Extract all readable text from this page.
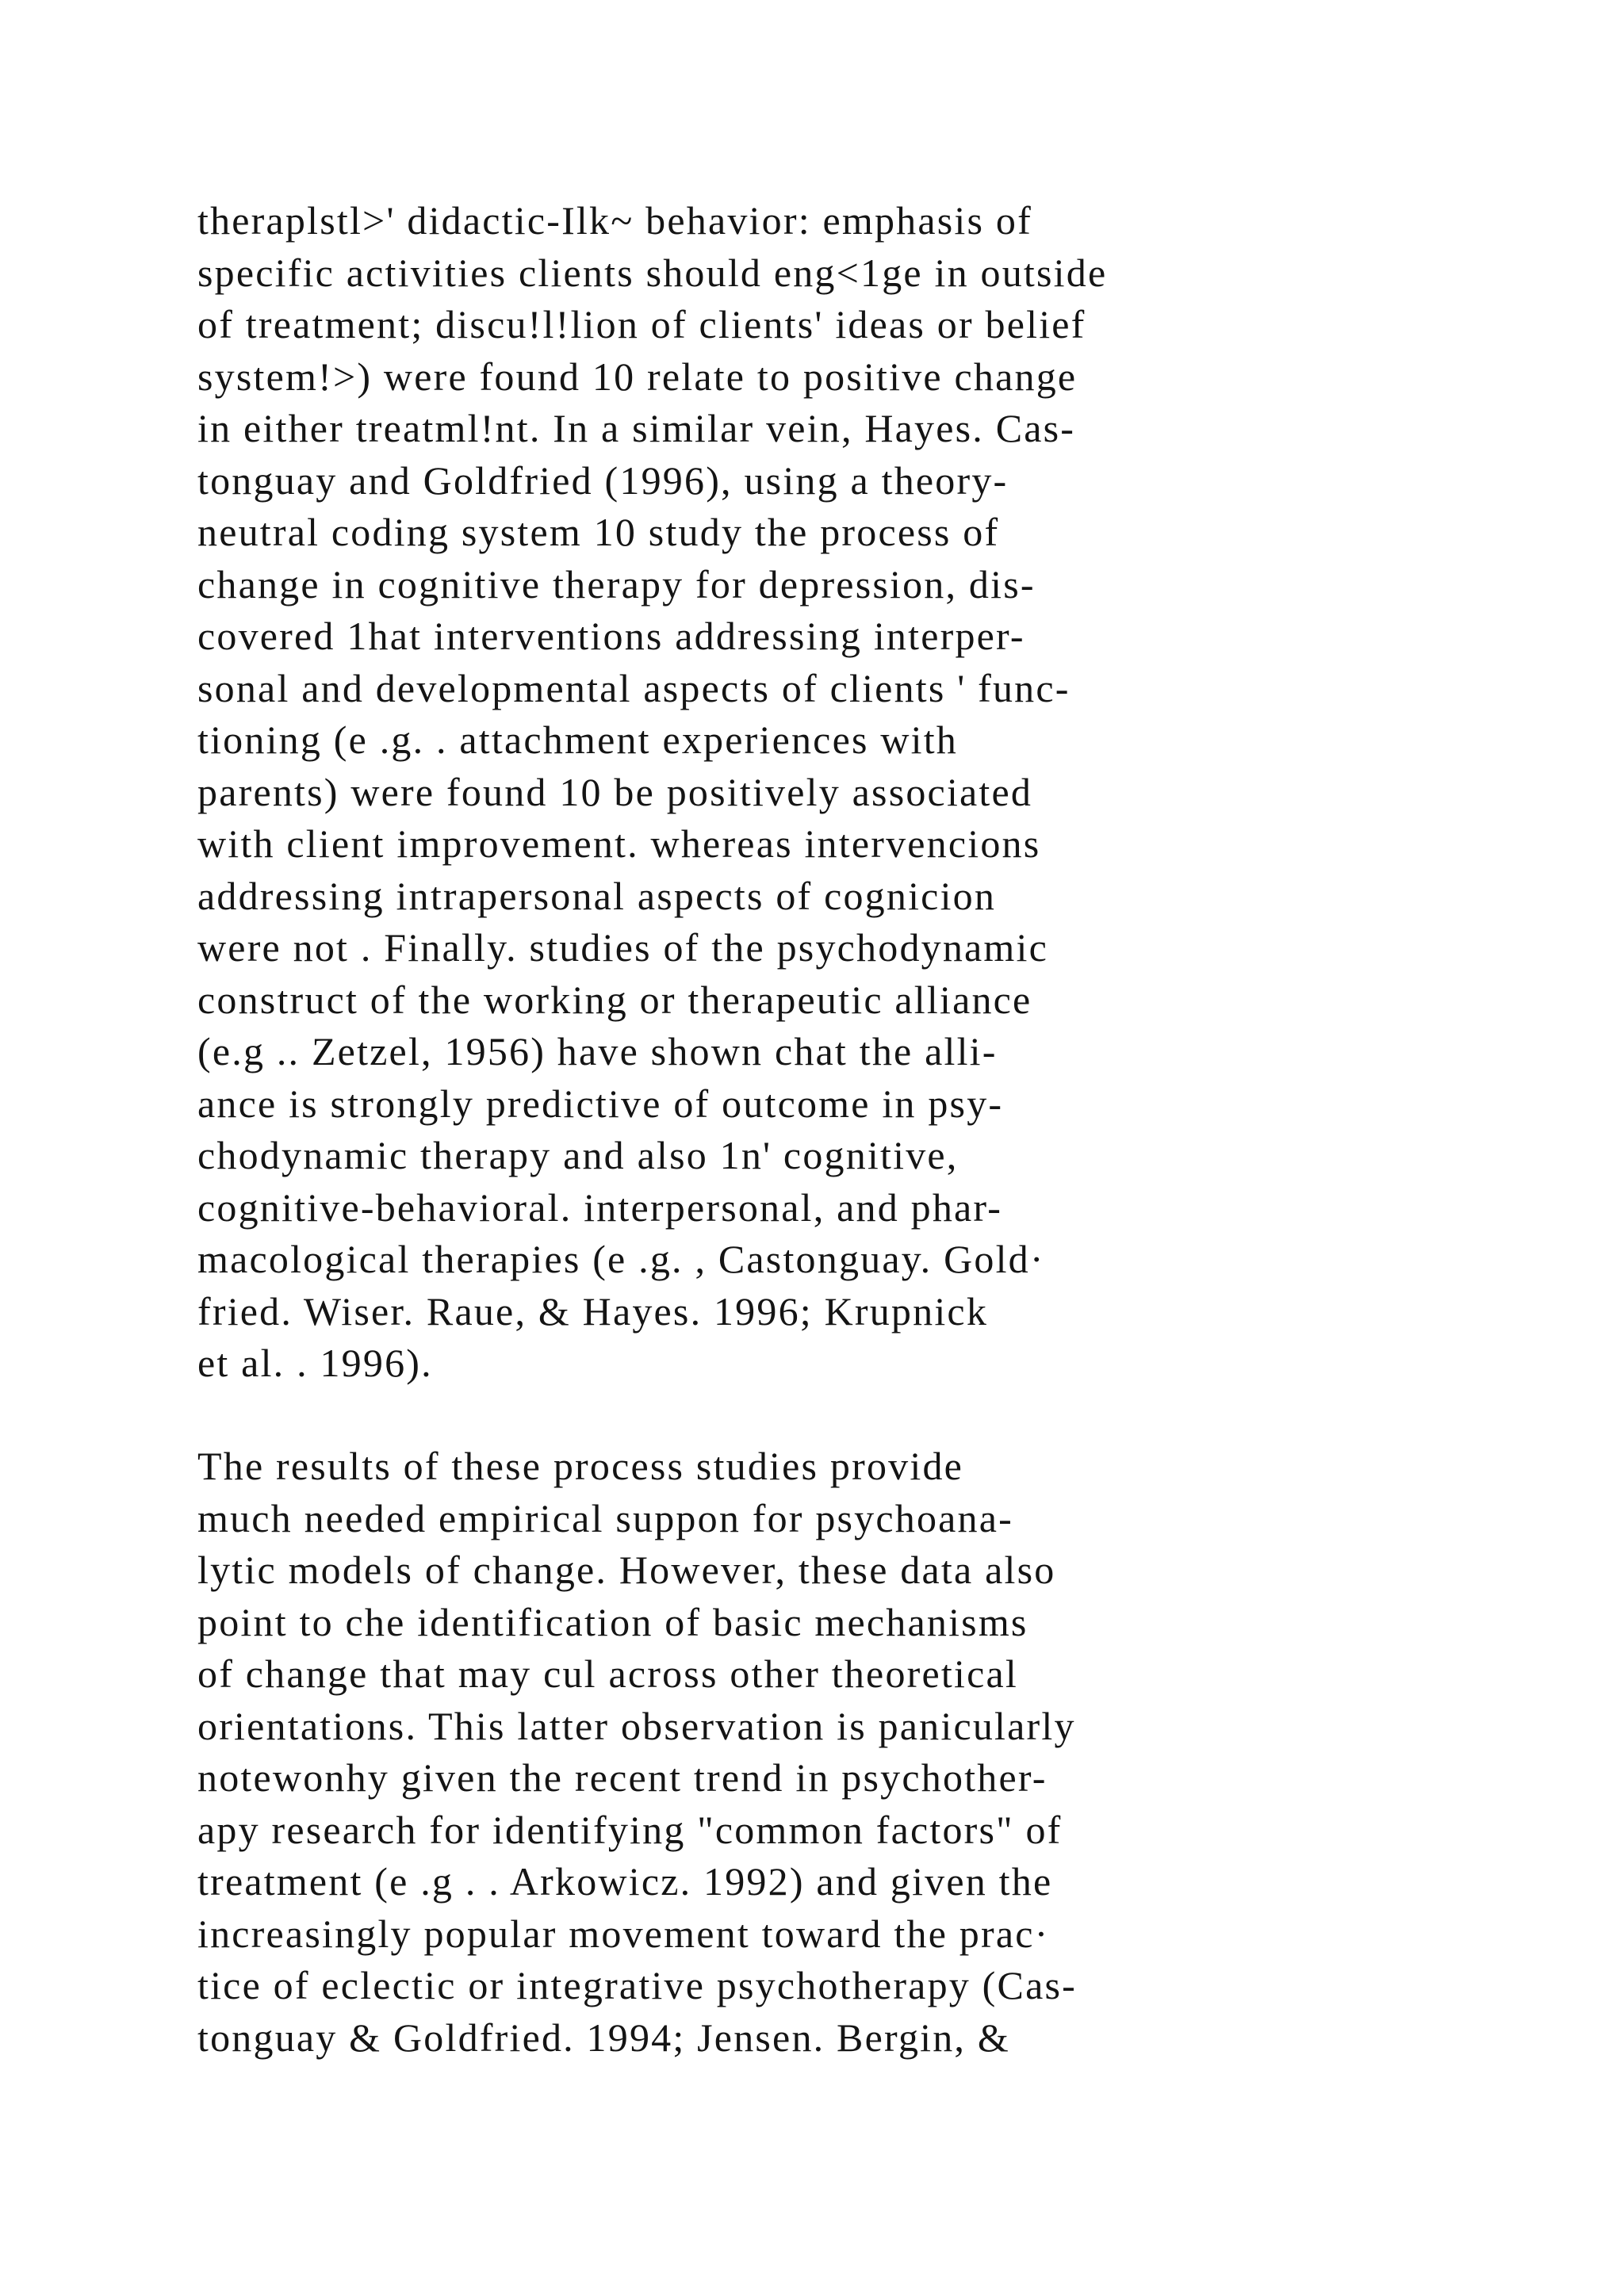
theraplstl>' didactic-Ilk~ behavior: emphasis of
specific activities clients should eng<1ge in outside
of treatment; discu!l!lion of clients' ideas or belief
system!>) were found 10 relate to positive change
in either treatml!nt. In a similar vein, Hayes. Cas-
tonguay and Goldfried (1996), using a theory-
neutral coding system 10 study the process of
change in cognitive therapy for depression, dis-
covered 1hat interventions addressing interper-
sonal and developmental aspects of clients ' func-
tioning (e .g. . attachment experiences with
parents) were found 10 be positively associated
with client improvement. whereas intervencions
addressing intrapersonal aspects of cognicion
were not . Finally. studies of the psychodynamic
construct of the working or therapeutic alliance
(e.g .. Zetzel, 1956) have shown chat the alli-
ance is strongly predictive of outcome in psy-
chodynamic therapy and also 1n' cognitive,
cognitive-behavioral. interpersonal, and phar-
macological therapies (e .g. , Castonguay. Gold·
fried. Wiser. Raue, & Hayes. 1996; Krupnick
et al. . 1996).
The results of these process studies provide
much needed empirical suppon for psychoana-
lytic models of change. However, these data also
point to che identification of basic mechanisms
of change that may cul across other theoretical
orientations. This latter observation is panicularly
notewonhy given the recent trend in psychother-
apy research for identifying "common factors" of
treatment (e .g . . Arkowicz. 1992) and given the
increasingly popular movement toward the prac·
tice of eclectic or integrative psychotherapy (Cas-
tonguay & Goldfried. 1994; Jensen. Bergin, &
